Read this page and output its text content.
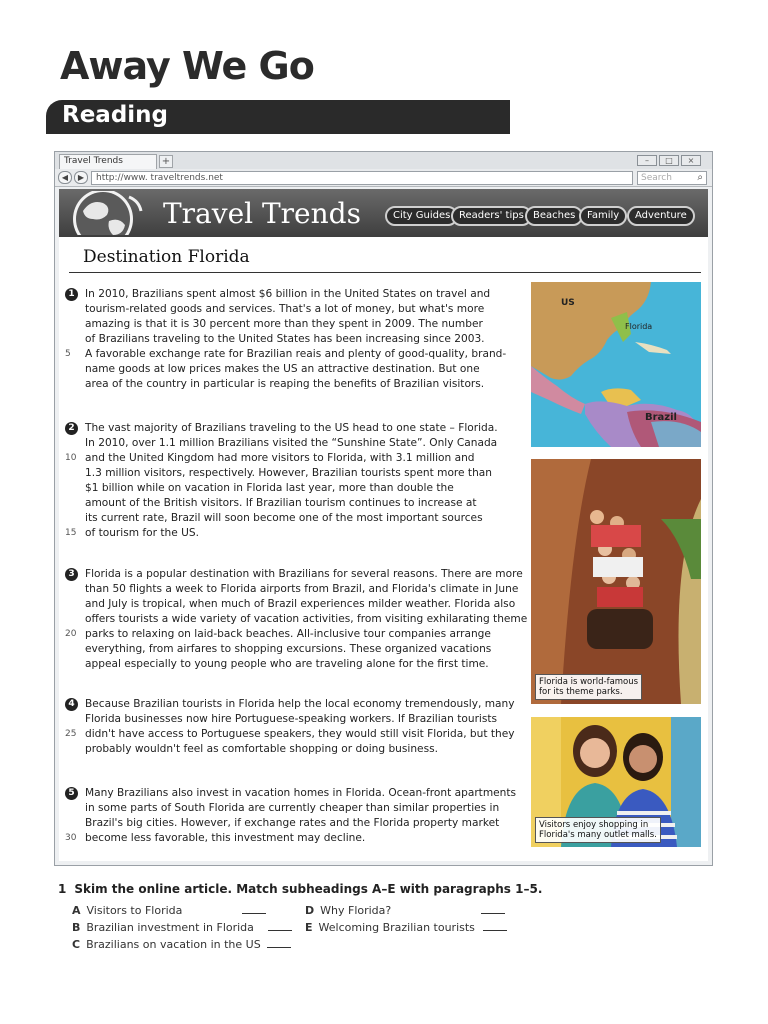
Away We Go
Reading
Travel Trends	+	–	□	×
◀	▶	http://www. traveltrends.net	Search	⌕
Travel Trends	City Guides Readers' tips Beaches	Family	Adventure
Destination Florida
1 In 2010, Brazilians spent almost $6 billion in the United States on travel and

tourism-related goods and services. That's a lot of money, but what's more

amazing is that it is 30 percent more than they spent in 2009. The number

of Brazilians traveling to the United States has been increasing since 2003.

5 A favorable exchange rate for Brazilian reais and plenty of good-quality, brand-

name goods at low prices makes the US an attractive destination. But one

area of the country in particular is reaping the benefits of Brazilian visitors.

2 The vast majority of Brazilians traveling to the US head to one state – Florida.

In 2010, over 1.1 million Brazilians visited the “Sunshine State”. Only Canada

10 and the United Kingdom had more visitors to Florida, with 3.1 million and

1.3 million visitors, respectively. However, Brazilian tourists spent more than

$1 billion while on vacation in Florida last year, more than double the

amount of the British visitors. If Brazilian tourism continues to increase at

its current rate, Brazil will soon become one of the most important sources

15 of tourism for the US.

3 Florida is a popular destination with Brazilians for several reasons. There are more

than 50 flights a week to Florida airports from Brazil, and Florida's climate in June

and July is tropical, when much of Brazil experiences milder weather. Florida also

offers tourists a wide variety of vacation activities, from visiting exhilarating theme

20 parks to relaxing on laid-back beaches. All-inclusive tour companies arrange

everything, from airfares to shopping excursions. These organized vacations

appeal especially to young people who are traveling alone for the first time.

4 Because Brazilian tourists in Florida help the local economy tremendously, many

Florida businesses now hire Portuguese-speaking workers. If Brazilian tourists

25 didn't have access to Portuguese speakers, they would still visit Florida, but they

probably wouldn't feel as comfortable shopping or doing business.

5 Many Brazilians also invest in vacation homes in Florida. Ocean-front apartments

in some parts of South Florida are currently cheaper than similar properties in

Brazil's big cities. However, if exchange rates and the Florida property market

30 become less favorable, this investment may decline.

US
Florida
Brazil
Florida is world-famous
for its theme parks.
Visitors enjoy shopping in
Florida's many outlet malls.
1 Skim the online article. Match subheadings A–E with paragraphs 1–5.
A Visitors to Florida
B Brazilian investment in Florida
C Brazilians on vacation in the US
D Why Florida?
E Welcoming Brazilian tourists
